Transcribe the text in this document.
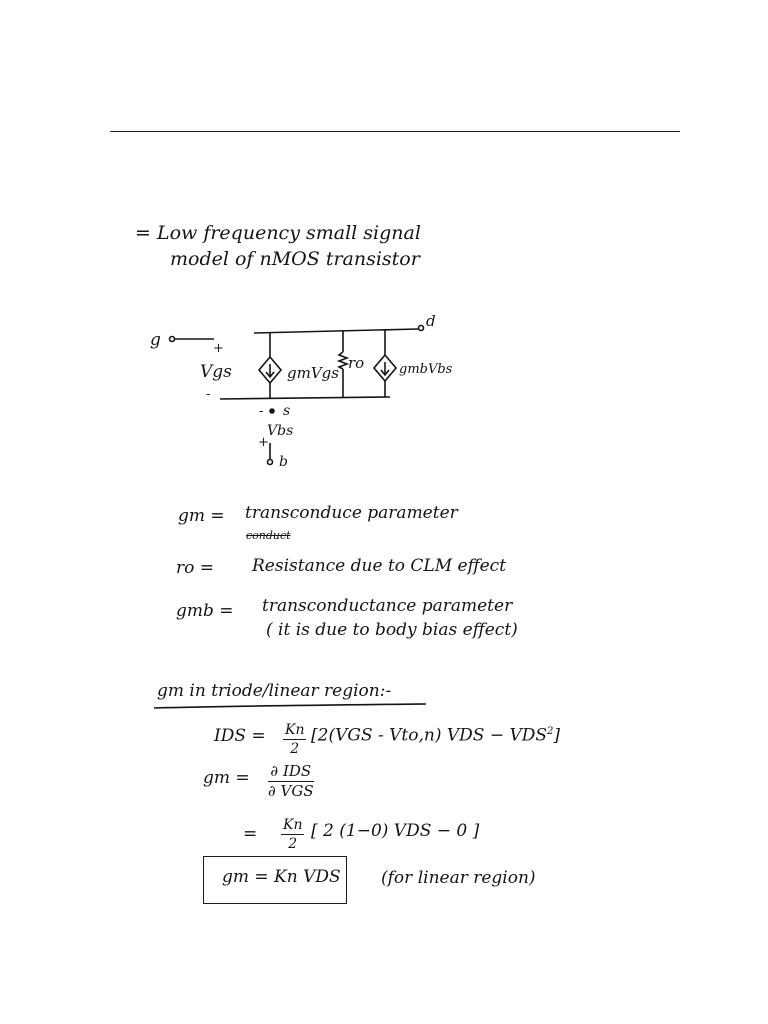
= Low frequency small signal
model of nMOS transistor
g
d
+
Vgs
-
gmVgs
ro	gmbVbs
- s
Vbs
+
b
gm = transconduce parameter
conduct
ro = Resistance due to CLM effect
gmb = transconductance parameter
( it is due to body bias effect)
gm in triode/linear region:-
IDS = $\frac{Kn}{2} [2(VGS - Vto,n)$ VDS − $VDS^2$]
gm = ∂ IDS
∂ VGS
= $\frac{Kn}{2}$ [ 2 (1−0) VDS − 0 ]
gm = Kn VDS (for linear region)
